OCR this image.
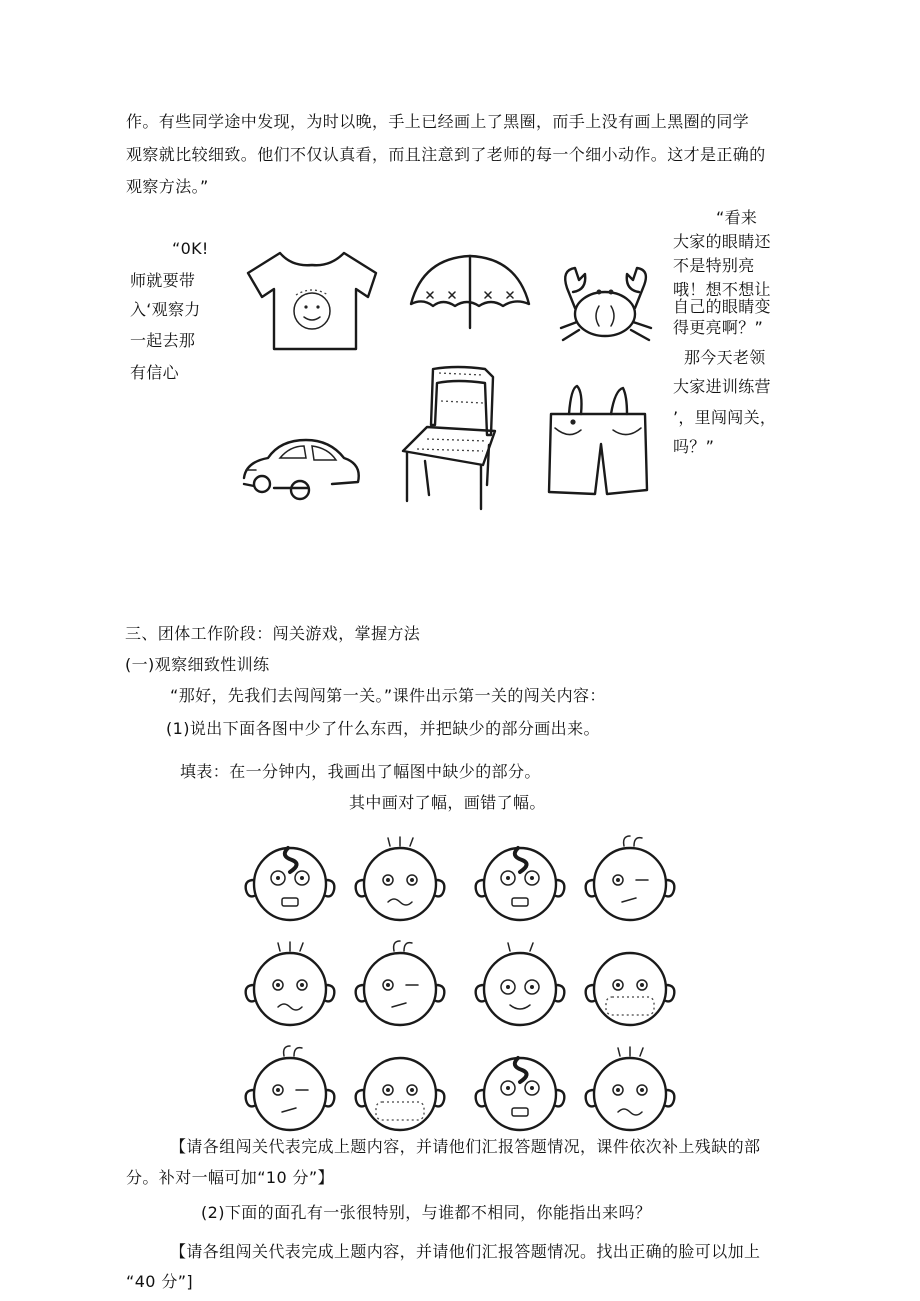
作。有些同学途中发现，为时以晚，手上已经画上了黑圈，而手上没有画上黑圈的同学
观察就比较细致。他们不仅认真看，而且注意到了老师的每一个细小动作。这才是正确的
观察方法。”
“0K!
师就要带
入‘观察力
一起去那
有信心
“看来
大家的眼睛还
不是特别亮
哦！想不想让
自己的眼睛变
得更亮啊？”
那今天老领
大家进训练营
’，里闯闯关，
吗？”
三、团体工作阶段：闯关游戏，掌握方法
(一)观察细致性训练
“那好，先我们去闯闯第一关。”课件出示第一关的闯关内容：
(1)说出下面各图中少了什么东西，并把缺少的部分画出来。
填表：在一分钟内，我画出了幅图中缺少的部分。
其中画对了幅，画错了幅。
【请各组闯关代表完成上题内容，并请他们汇报答题情况，课件依次补上残缺的部
分。补对一幅可加“10 分”】
(2)下面的面孔有一张很特别，与谁都不相同，你能指出来吗？
【请各组闯关代表完成上题内容，并请他们汇报答题情况。找出正确的脸可以加上
“40 分”]
